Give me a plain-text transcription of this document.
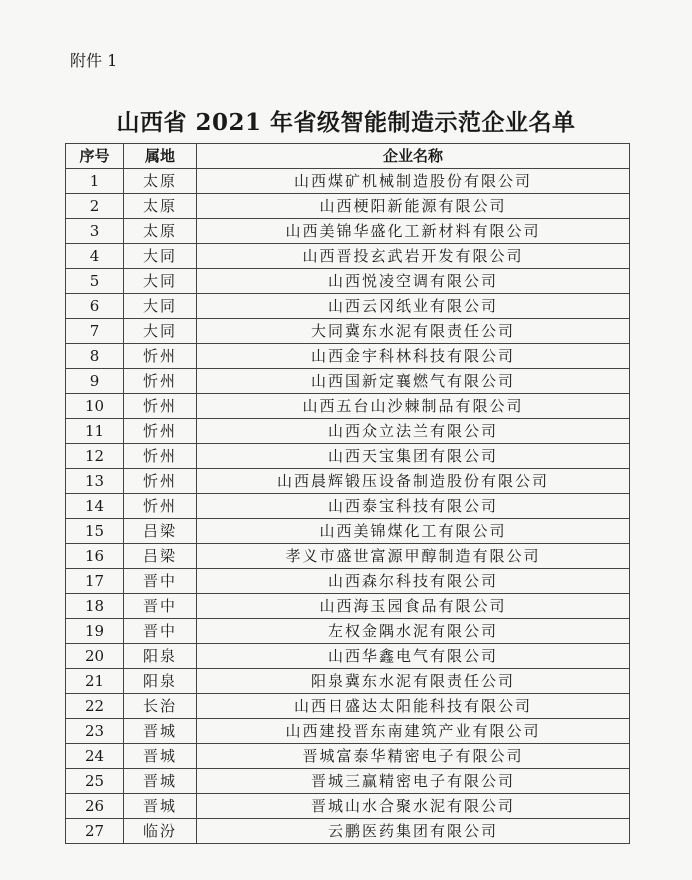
附件 1
山西省 2021 年省级智能制造示范企业名单
序号	属地	企业名称
1	太原	山西煤矿机械制造股份有限公司
2	太原	山西梗阳新能源有限公司
3	太原	山西美锦华盛化工新材料有限公司
4	大同	山西晋投玄武岩开发有限公司
5	大同	山西悦凌空调有限公司
6	大同	山西云冈纸业有限公司
7	大同	大同冀东水泥有限责任公司
8	忻州	山西金宇科林科技有限公司
9	忻州	山西国新定襄燃气有限公司
10	忻州	山西五台山沙棘制品有限公司
11	忻州	山西众立法兰有限公司
12	忻州	山西天宝集团有限公司
13	忻州	山西晨辉锻压设备制造股份有限公司
14	忻州	山西泰宝科技有限公司
15	吕梁	山西美锦煤化工有限公司
16	吕梁	孝义市盛世富源甲醇制造有限公司
17	晋中	山西森尔科技有限公司
18	晋中	山西海玉园食品有限公司
19	晋中	左权金隅水泥有限公司
20	阳泉	山西华鑫电气有限公司
21	阳泉	阳泉冀东水泥有限责任公司
22	长治	山西日盛达太阳能科技有限公司
23	晋城	山西建投晋东南建筑产业有限公司
24	晋城	晋城富泰华精密电子有限公司
25	晋城	晋城三赢精密电子有限公司
26	晋城	晋城山水合聚水泥有限公司
27	临汾	云鹏医药集团有限公司
